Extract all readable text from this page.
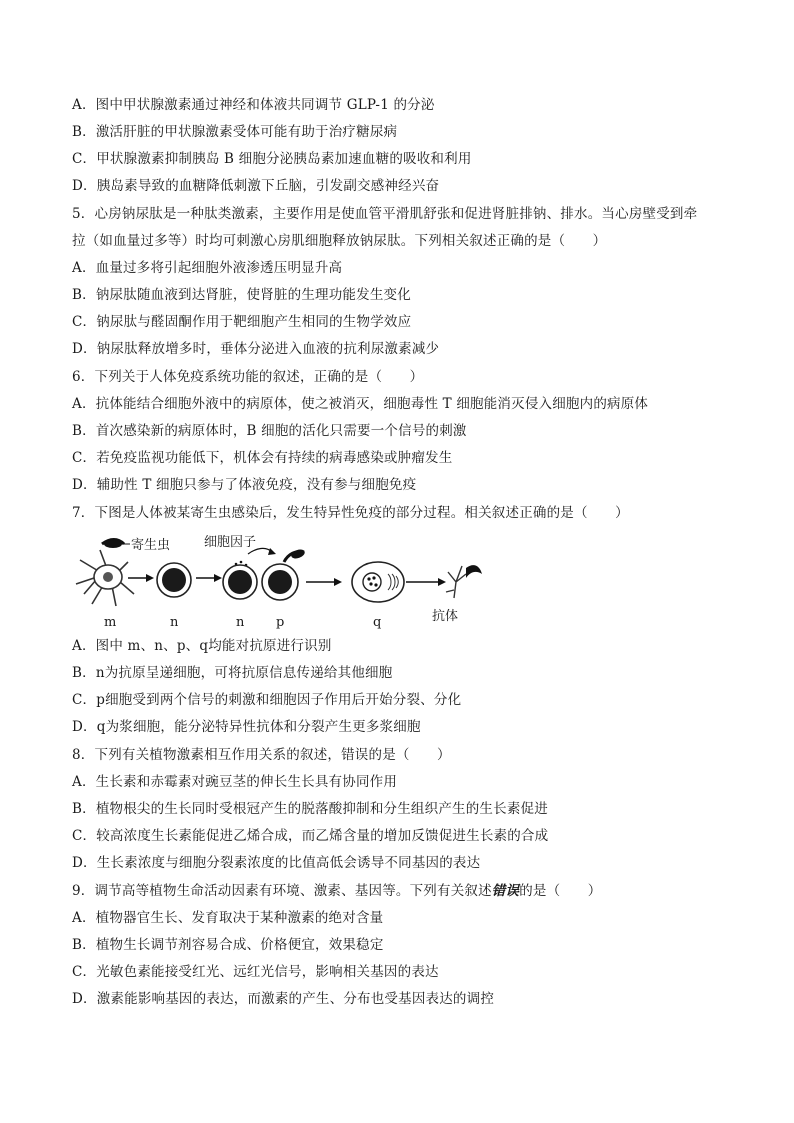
A．图中甲状腺激素通过神经和体液共同调节 GLP-1 的分泌
B．激活肝脏的甲状腺激素受体可能有助于治疗糖尿病
C．甲状腺激素抑制胰岛 B 细胞分泌胰岛素加速血糖的吸收和利用
D．胰岛素导致的血糖降低刺激下丘脑，引发副交感神经兴奋
5．心房钠尿肽是一种肽类激素，主要作用是使血管平滑肌舒张和促进肾脏排钠、排水。当心房壁受到牵
拉（如血量过多等）时均可刺激心房肌细胞释放钠尿肽。下列相关叙述正确的是（　　）
A．血量过多将引起细胞外液渗透压明显升高
B．钠尿肽随血液到达肾脏，使肾脏的生理功能发生变化
C．钠尿肽与醛固酮作用于靶细胞产生相同的生物学效应
D．钠尿肽释放增多时，垂体分泌进入血液的抗利尿激素减少
6．下列关于人体免疫系统功能的叙述，正确的是（　　）
A．抗体能结合细胞外液中的病原体，使之被消灭，细胞毒性 T 细胞能消灭侵入细胞内的病原体
B．首次感染新的病原体时，B 细胞的活化只需要一个信号的刺激
C．若免疫监视功能低下，机体会有持续的病毒感染或肿瘤发生
D．辅助性 T 细胞只参与了体液免疫，没有参与细胞免疫
7．下图是人体被某寄生虫感染后，发生特异性免疫的部分过程。相关叙述正确的是（　　）
寄生虫
m	n
细胞因子
n p	q	抗体
A．图中 m、n、p、q均能对抗原进行识别
B．n为抗原呈递细胞，可将抗原信息传递给其他细胞
C．p细胞受到两个信号的刺激和细胞因子作用后开始分裂、分化
D．q为浆细胞，能分泌特异性抗体和分裂产生更多浆细胞
8．下列有关植物激素相互作用关系的叙述，错误的是（　　）
A．生长素和赤霉素对豌豆茎的伸长生长具有协同作用
B．植物根尖的生长同时受根冠产生的脱落酸抑制和分生组织产生的生长素促进
C．较高浓度生长素能促进乙烯合成，而乙烯含量的增加反馈促进生长素的合成
D．生长素浓度与细胞分裂素浓度的比值高低会诱导不同基因的表达
9．调节高等植物生命活动因素有环境、激素、基因等。下列有关叙述错误的是（　　）
A．植物器官生长、发育取决于某种激素的绝对含量
B．植物生长调节剂容易合成、价格便宜，效果稳定
C．光敏色素能接受红光、远红光信号，影响相关基因的表达
D．激素能影响基因的表达，而激素的产生、分布也受基因表达的调控
